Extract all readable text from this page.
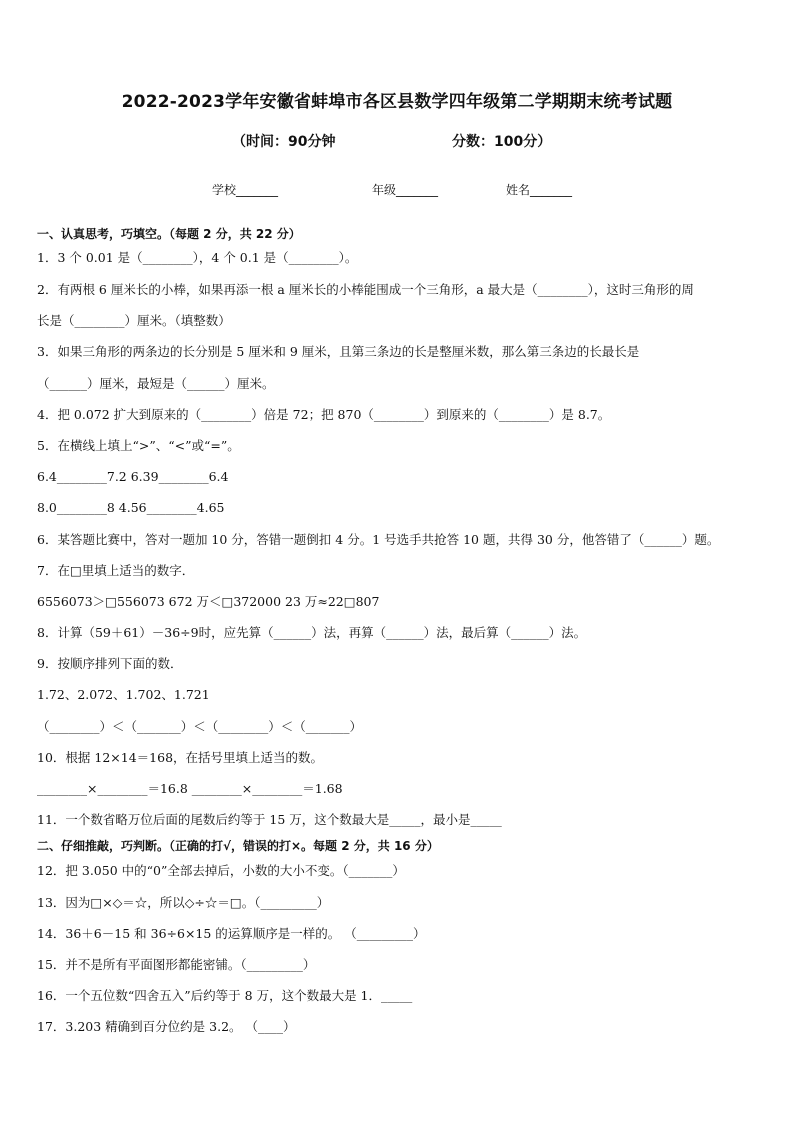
2022-2023学年安徽省蚌埠市各区县数学四年级第二学期期末统考试题
（时间：90分钟	分数：100分）
学校_______	年级_______	姓名_______
一、认真思考，巧填空。（每题 2 分，共 22 分）
1．3 个 0.01 是（________），4 个 0.1 是（________）。
2．有两根 6 厘米长的小棒，如果再添一根 a 厘米长的小棒能围成一个三角形，a 最大是（________），这时三角形的周
长是（________）厘米。（填整数）
3．如果三角形的两条边的长分别是 5 厘米和 9 厘米，且第三条边的长是整厘米数，那么第三条边的长最长是
（______）厘米，最短是（______）厘米。
4．把 0.072 扩大到原来的（________）倍是 72；把 870（________）到原来的（________）是 8.7。
5．在横线上填上“>”、“<”或“=”。
6.4________7.2 6.39________6.4
8.0________8 4.56________4.65
6．某答题比赛中，答对一题加 10 分，答错一题倒扣 4 分。1 号选手共抢答 10 题，共得 30 分，他答错了（______）题。
7．在□里填上适当的数字．
6556073＞□556073 672 万＜□372000 23 万≈22□807
8．计算（59＋61）－36÷9时，应先算（______）法，再算（______）法，最后算（______）法。
9．按顺序排列下面的数．
1.72、2.072、1.702、1.721
（________）＜（_______）＜（________）＜（_______）
10．根据 12×14＝168，在括号里填上适当的数。
________×________＝16.8 ________×________＝1.68
11．一个数省略万位后面的尾数后约等于 15 万，这个数最大是_____，最小是_____
二、仔细推敲，巧判断。（正确的打√，错误的打×。每题 2 分，共 16 分）
12．把 3.050 中的“0”全部去掉后，小数的大小不变。（_______）
13．因为□×◇＝☆，所以◇÷☆＝□。（_________）
14．36＋6－15 和 36÷6×15 的运算顺序是一样的。 （_________）
15．并不是所有平面图形都能密铺。（_________）
16．一个五位数“四舍五入”后约等于 8 万，这个数最大是 1．_____
17．3.203 精确到百分位约是 3.2。 （____）
